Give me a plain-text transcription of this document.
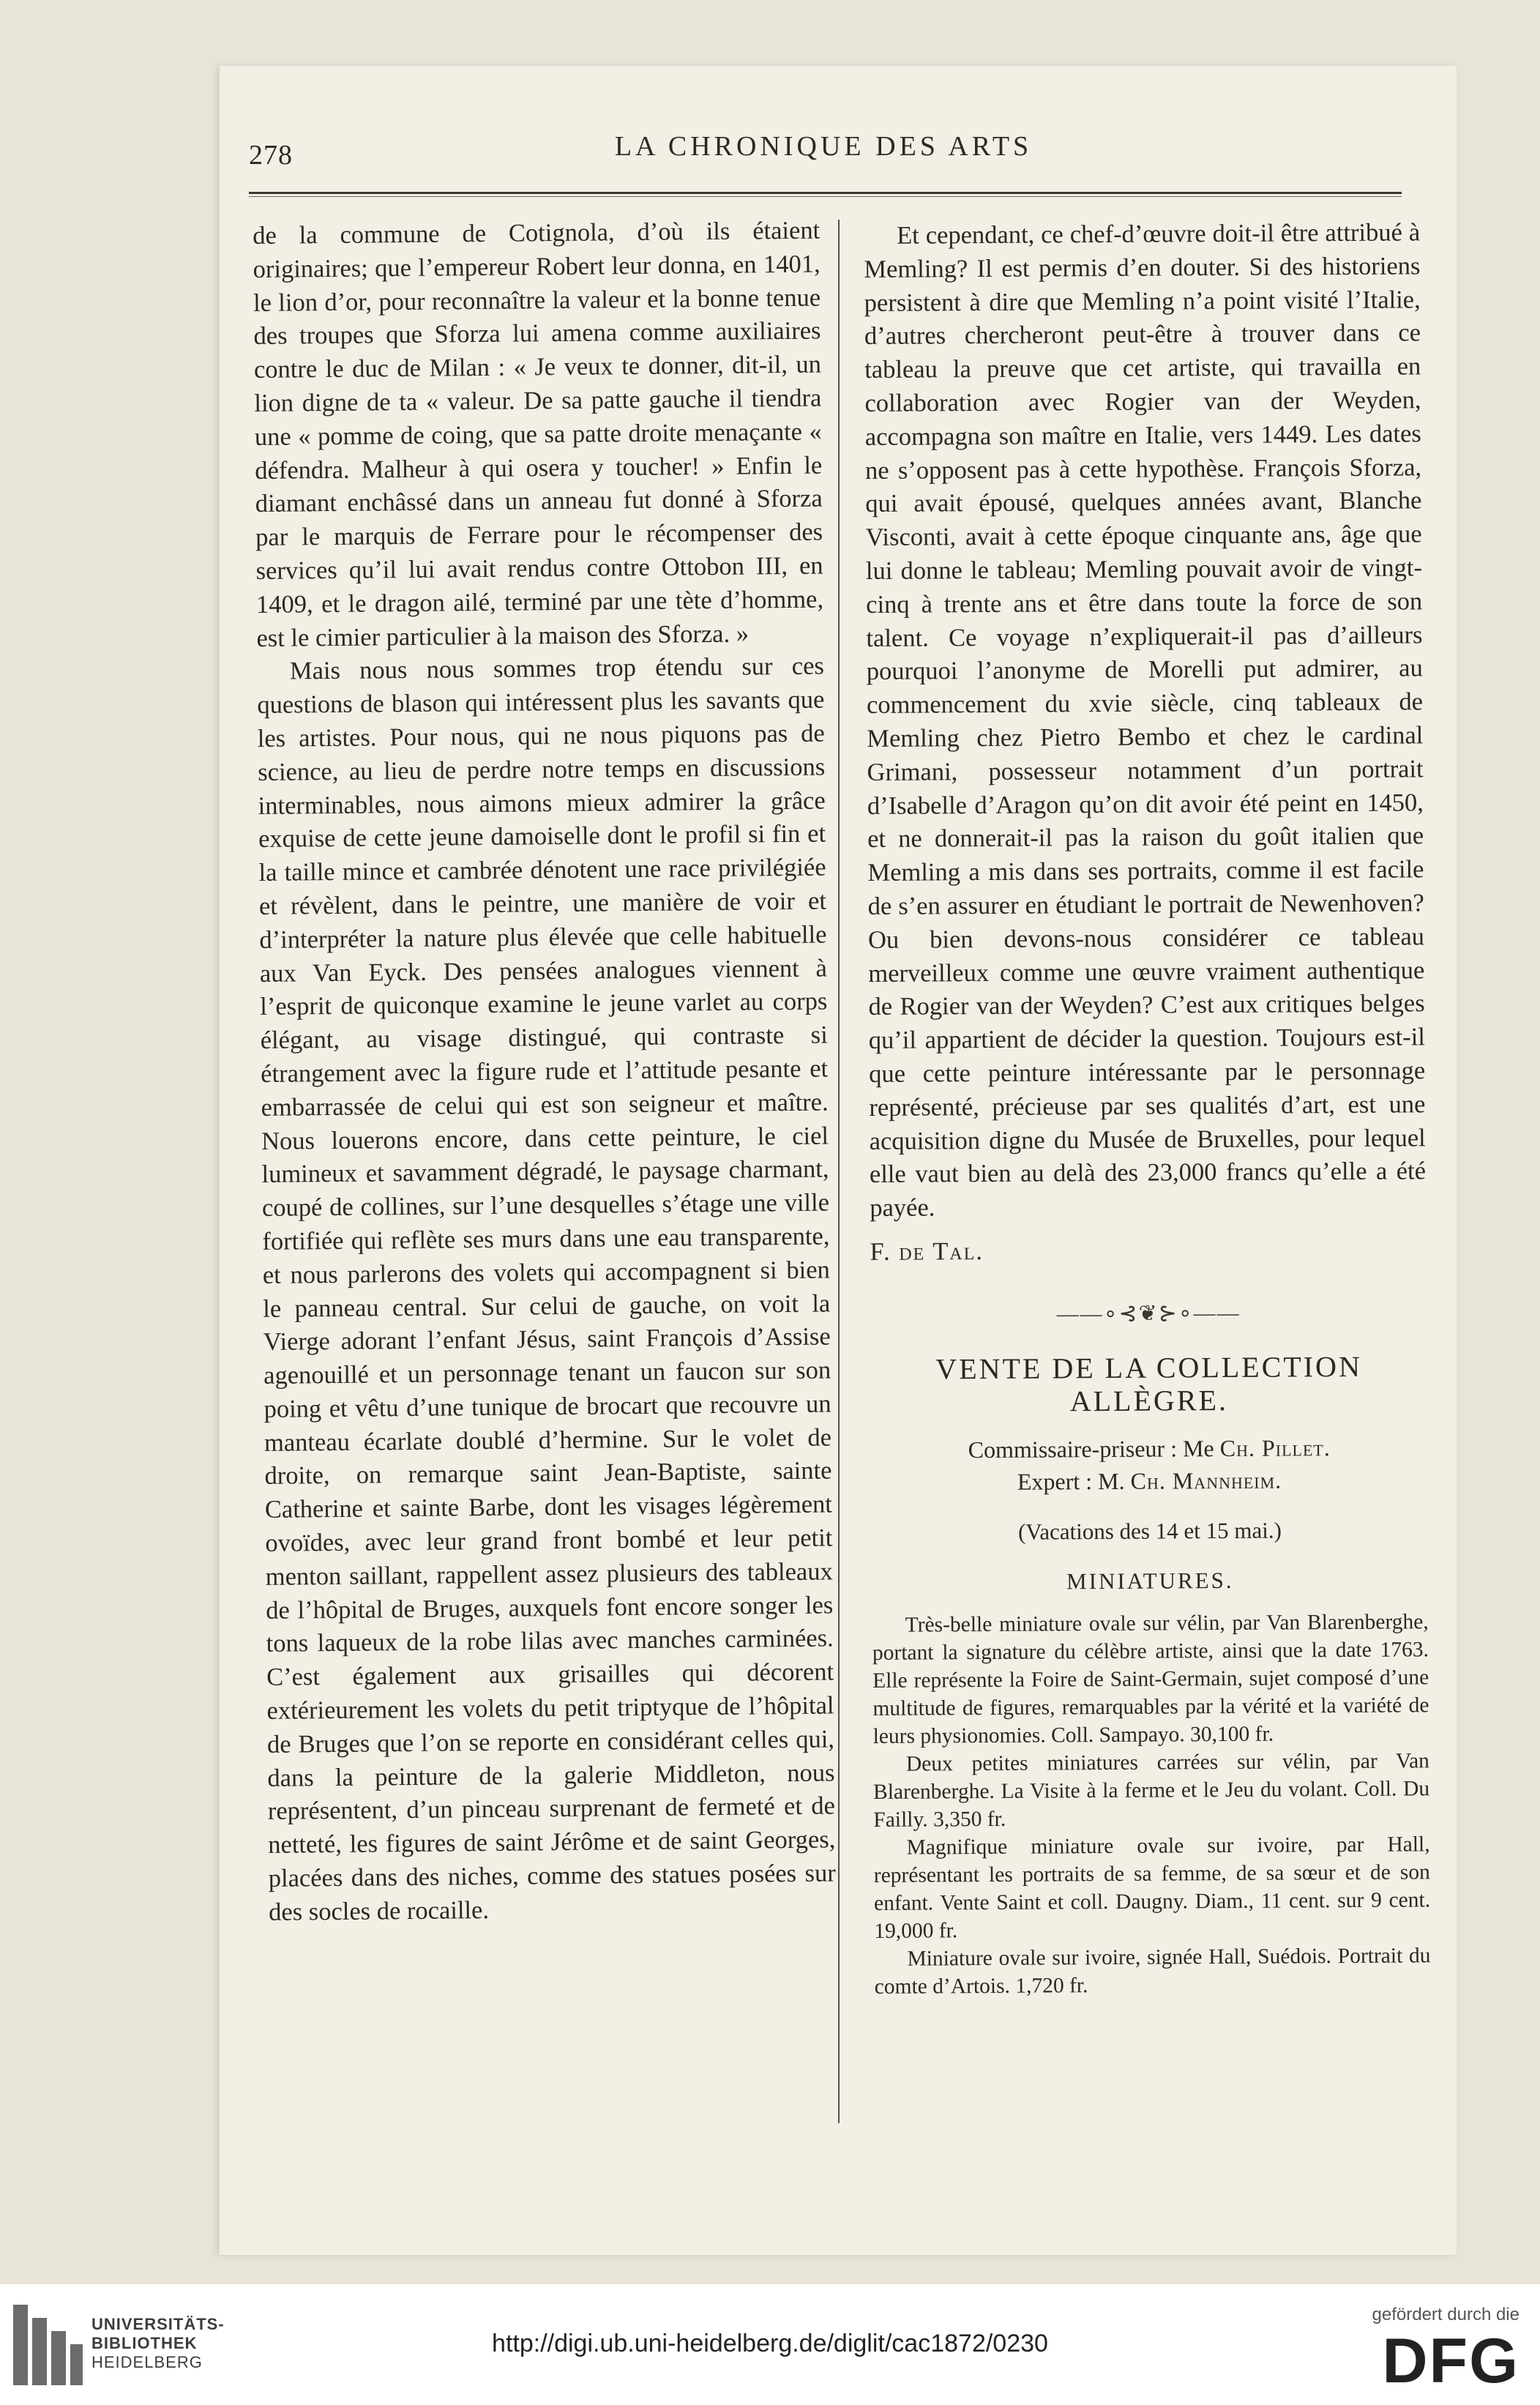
278	LA CHRONIQUE DES ARTS

de la commune de Cotignola, d’où ils étaient originaires; que l’empereur Robert leur donna, en 1401, le lion d’or, pour reconnaître la valeur et la bonne tenue des troupes que Sforza lui amena comme auxiliaires contre le duc de Milan : « Je veux te donner, dit-il, un lion digne de ta « valeur. De sa patte gauche il tiendra une « pomme de coing, que sa patte droite menaçante « défendra. Malheur à qui osera y toucher! » Enfin le diamant enchâssé dans un anneau fut donné à Sforza par le marquis de Ferrare pour le récompenser des services qu’il lui avait rendus contre Ottobon III, en 1409, et le dragon ailé, terminé par une tète d’homme, est le cimier particulier à la maison des Sforza. »

Mais nous nous sommes trop étendu sur ces questions de blason qui intéressent plus les savants que les artistes. Pour nous, qui ne nous piquons pas de science, au lieu de perdre notre temps en discussions interminables, nous aimons mieux admirer la grâce exquise de cette jeune damoiselle dont le profil si fin et la taille mince et cambrée dénotent une race privilégiée et révèlent, dans le peintre, une manière de voir et d’interpréter la nature plus élevée que celle habituelle aux Van Eyck. Des pensées analogues viennent à l’esprit de quiconque examine le jeune varlet au corps élégant, au visage distingué, qui contraste si étrangement avec la figure rude et l’attitude pesante et embarrassée de celui qui est son seigneur et maître. Nous louerons encore, dans cette peinture, le ciel lumineux et savamment dégradé, le paysage charmant, coupé de collines, sur l’une desquelles s’étage une ville fortifiée qui reflète ses murs dans une eau transparente, et nous parlerons des volets qui accompagnent si bien le panneau central. Sur celui de gauche, on voit la Vierge adorant l’enfant Jésus, saint François d’Assise agenouillé et un personnage tenant un faucon sur son poing et vêtu d’une tunique de brocart que recouvre un manteau écarlate doublé d’hermine. Sur le volet de droite, on remarque saint Jean-Baptiste, sainte Catherine et sainte Barbe, dont les visages légèrement ovoïdes, avec leur grand front bombé et leur petit menton saillant, rappellent assez plusieurs des tableaux de l’hôpital de Bruges, auxquels font encore songer les tons laqueux de la robe lilas avec manches carminées. C’est également aux grisailles qui décorent extérieurement les volets du petit triptyque de l’hôpital de Bruges que l’on se reporte en considérant celles qui, dans la peinture de la galerie Middleton, nous représentent, d’un pinceau surprenant de fermeté et de netteté, les figures de saint Jérôme et de saint Georges, placées dans des niches, comme des statues posées sur des socles de rocaille.

Et cependant, ce chef-d’œuvre doit-il être attribué à Memling? Il est permis d’en douter. Si des historiens persistent à dire que Memling n’a point visité l’Italie, d’autres chercheront peut-être à trouver dans ce tableau la preuve que cet artiste, qui travailla en collaboration avec Rogier van der Weyden, accompagna son maître en Italie, vers 1449. Les dates ne s’opposent pas à cette hypothèse. François Sforza, qui avait épousé, quelques années avant, Blanche Visconti, avait à cette époque cinquante ans, âge que lui donne le tableau; Memling pouvait avoir de vingt-cinq à trente ans et être dans toute la force de son talent. Ce voyage n’expliquerait-il pas d’ailleurs pourquoi l’anonyme de Morelli put admirer, au commencement du xvie siècle, cinq tableaux de Memling chez Pietro Bembo et chez le cardinal Grimani, possesseur notamment d’un portrait d’Isabelle d’Aragon qu’on dit avoir été peint en 1450, et ne donnerait-il pas la raison du goût italien que Memling a mis dans ses portraits, comme il est facile de s’en assurer en étudiant le portrait de Newenhoven? Ou bien devons-nous considérer ce tableau merveilleux comme une œuvre vraiment authentique de Rogier van der Weyden? C’est aux critiques belges qu’il appartient de décider la question. Toujours est-il que cette peinture intéressante par le personnage représenté, précieuse par ses qualités d’art, est une acquisition digne du Musée de Bruxelles, pour lequel elle vaut bien au delà des 23,000 francs qu’elle a été payée.

F. de Tal.

——∘⊰❦⊱∘——
VENTE DE LA COLLECTION ALLÈGRE.
Commissaire-priseur : Me Ch. Pillet.
Expert : M. Ch. Mannheim.
(Vacations des 14 et 15 mai.)
MINIATURES.

Très-belle miniature ovale sur vélin, par Van Blarenberghe, portant la signature du célèbre artiste, ainsi que la date 1763. Elle représente la Foire de Saint-Germain, sujet composé d’une multitude de figures, remarquables par la vérité et la variété de leurs physionomies. Coll. Sampayo. 30,100 fr.

Deux petites miniatures carrées sur vélin, par Van Blarenberghe. La Visite à la ferme et le Jeu du volant. Coll. Du Failly. 3,350 fr.

Magnifique miniature ovale sur ivoire, par Hall, représentant les portraits de sa femme, de sa sœur et de son enfant. Vente Saint et coll. Daugny. Diam., 11 cent. sur 9 cent. 19,000 fr.

Miniature ovale sur ivoire, signée Hall, Suédois. Portrait du comte d’Artois. 1,720 fr.

UNIVERSITÄTS-
BIBLIOTHEK
HEIDELBERG
http://digi.ub.uni-heidelberg.de/diglit/cac1872/0230
gefördert durch die
DFG
